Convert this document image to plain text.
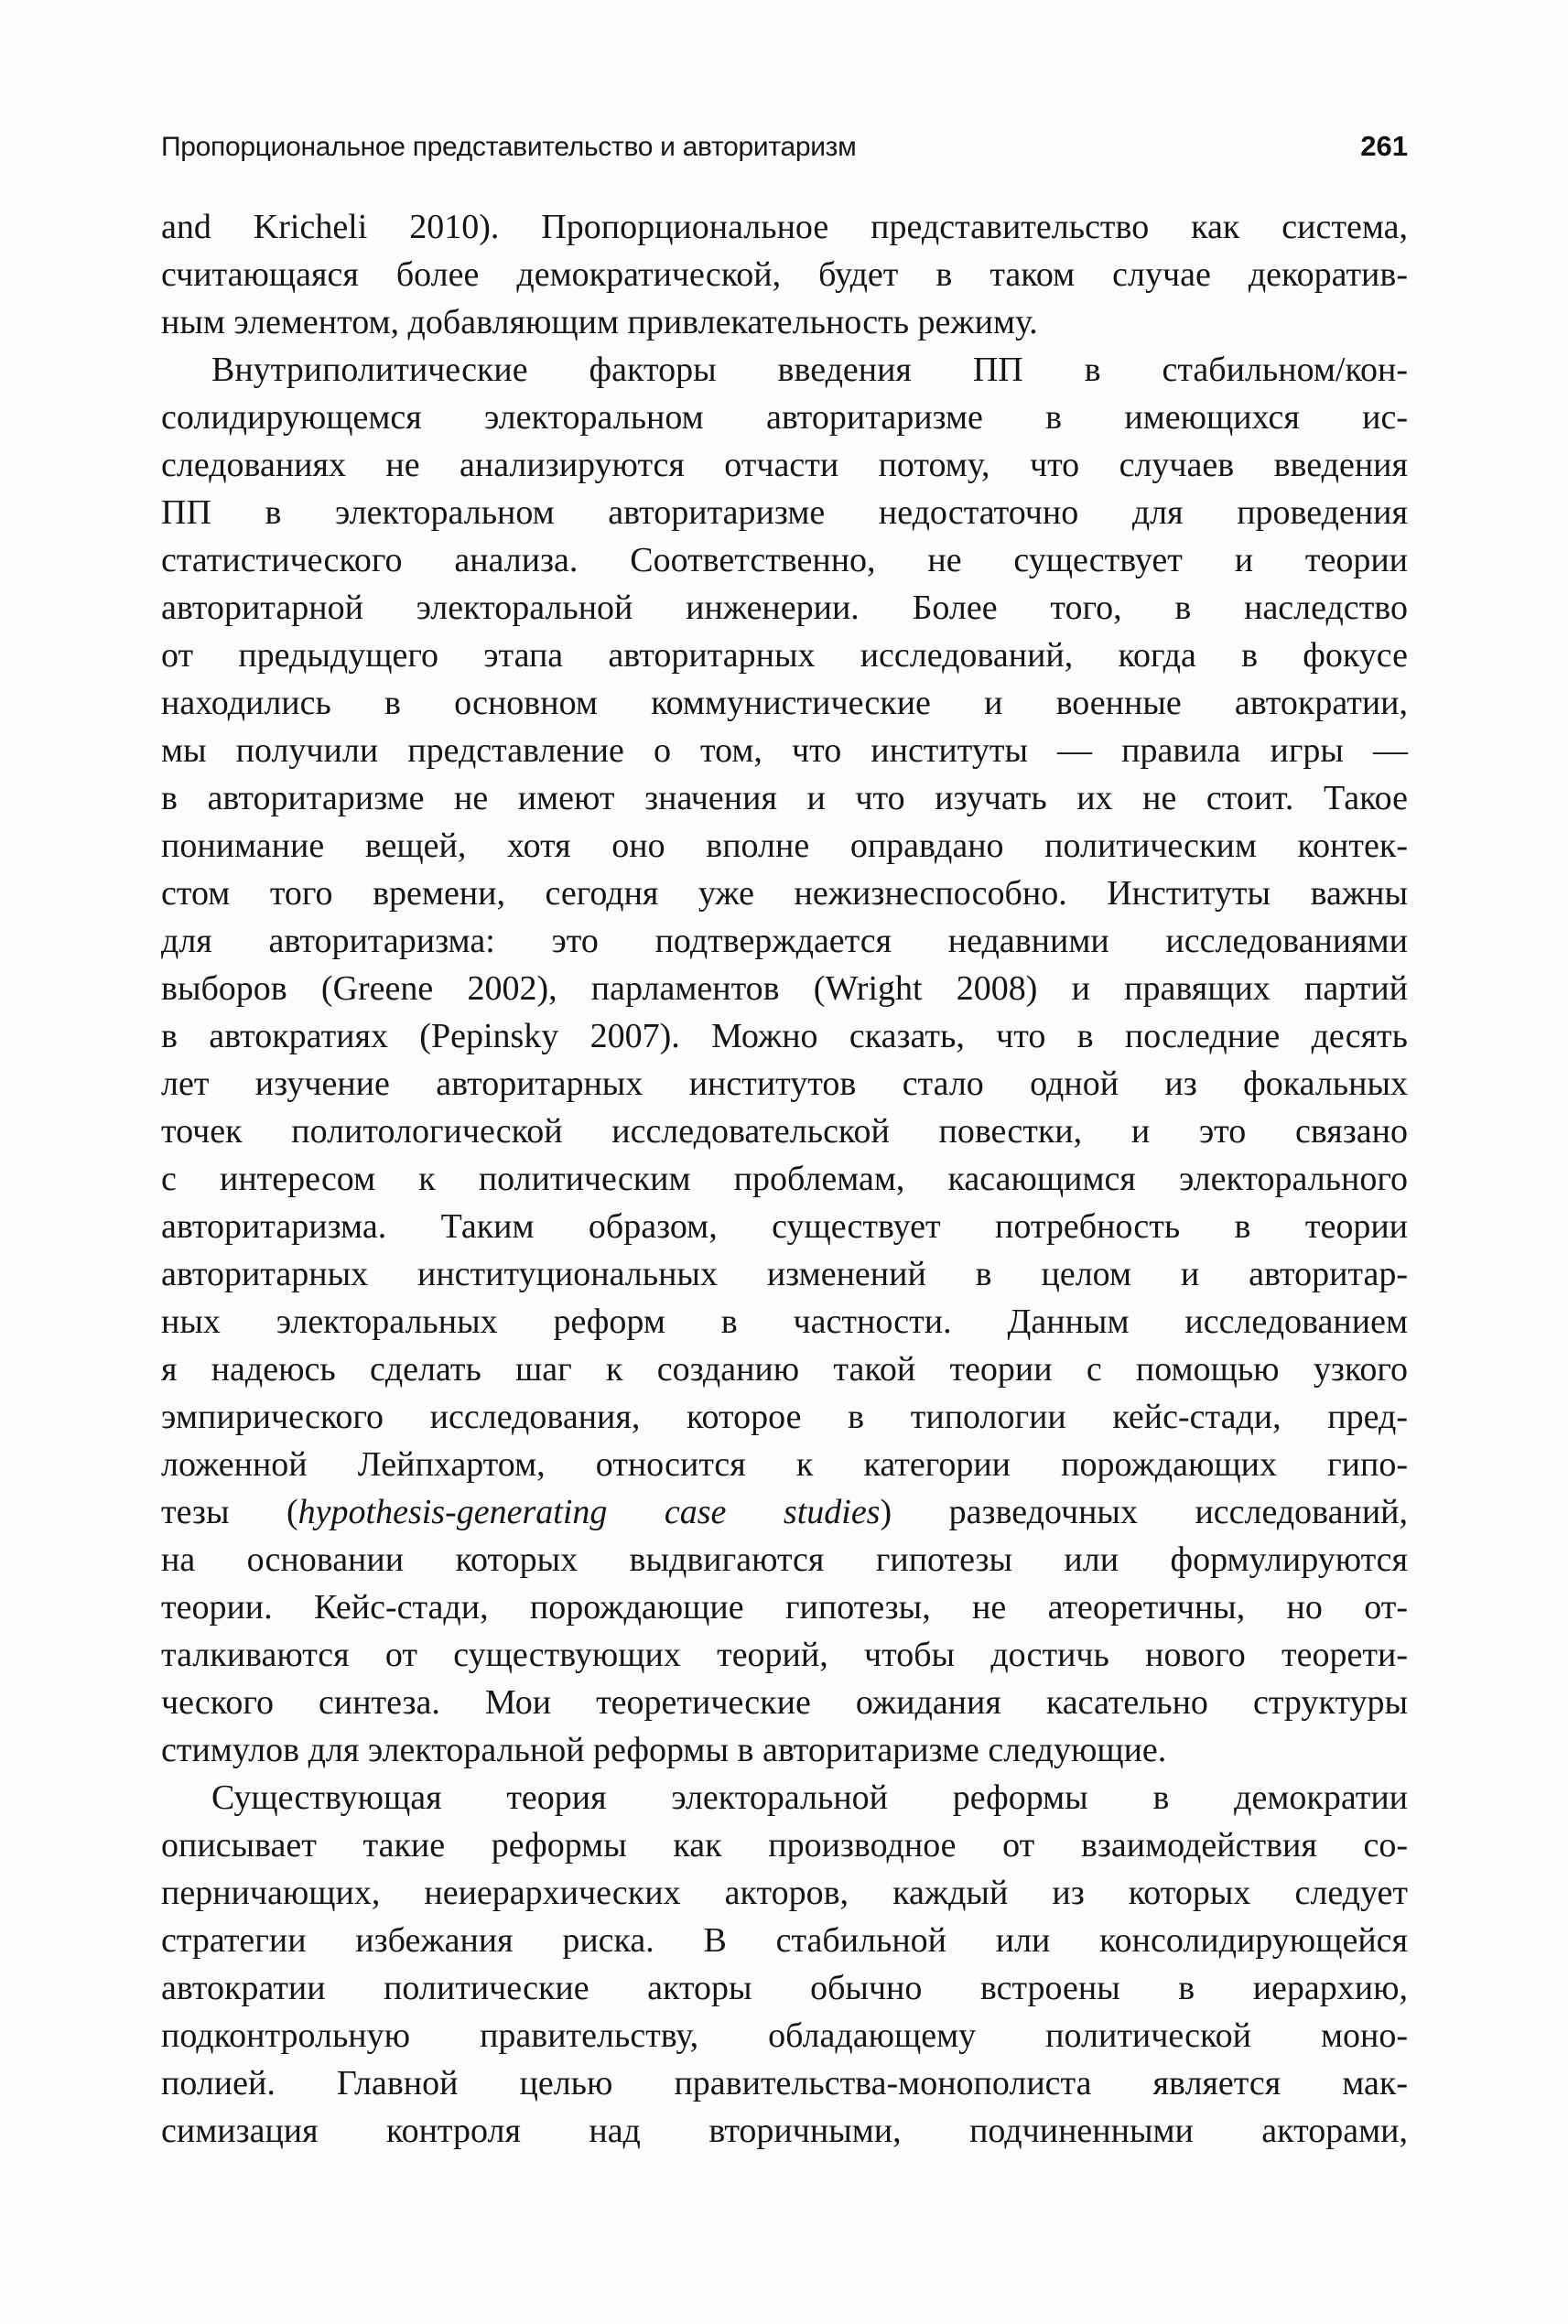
Пропорциональное представительство и авторитаризм	261
and Kricheli 2010). Пропорциональное представительство как система,
считающаяся более демократической, будет в таком случае декоратив-
ным элементом, добавляющим привлекательность режиму.
Внутриполитические факторы введения ПП в стабильном/кон-
солидирующемся электоральном авторитаризме в имеющихся ис-
следованиях не анализируются отчасти потому, что случаев введения
ПП в электоральном авторитаризме недостаточно для проведения
статистического анализа. Соответственно, не существует и теории
авторитарной электоральной инженерии. Более того, в наследство
от предыдущего этапа авторитарных исследований, когда в фокусе
находились в основном коммунистические и военные автократии,
мы получили представление о том, что институты — правила игры —
в авторитаризме не имеют значения и что изучать их не стоит. Такое
понимание вещей, хотя оно вполне оправдано политическим контек-
стом того времени, сегодня уже нежизнеспособно. Институты важны
для авторитаризма: это подтверждается недавними исследованиями
выборов (Greene 2002), парламентов (Wright 2008) и правящих партий
в автократиях (Pepinsky 2007). Можно сказать, что в последние десять
лет изучение авторитарных институтов стало одной из фокальных
точек политологической исследовательской повестки, и это связано
с интересом к политическим проблемам, касающимся электорального
авторитаризма. Таким образом, существует потребность в теории
авторитарных институциональных изменений в целом и авторитар-
ных электоральных реформ в частности. Данным исследованием
я надеюсь сделать шаг к созданию такой теории с помощью узкого
эмпирического исследования, которое в типологии кейс-стади, пред-
ложенной Лейпхартом, относится к категории порождающих гипо-
тезы (hypothesis-generating case studies) разведочных исследований,
на основании которых выдвигаются гипотезы или формулируются
теории. Кейс-стади, порождающие гипотезы, не атеоретичны, но от-
талкиваются от существующих теорий, чтобы достичь нового теорети-
ческого синтеза. Мои теоретические ожидания касательно структуры
стимулов для электоральной реформы в авторитаризме следующие.
Существующая теория электоральной реформы в демократии
описывает такие реформы как производное от взаимодействия со-
перничающих, неиерархических акторов, каждый из которых следует
стратегии избежания риска. В стабильной или консолидирующейся
автократии политические акторы обычно встроены в иерархию,
подконтрольную правительству, обладающему политической моно-
полией. Главной целью правительства-монополиста является мак-
симизация контроля над вторичными, подчиненными акторами,
